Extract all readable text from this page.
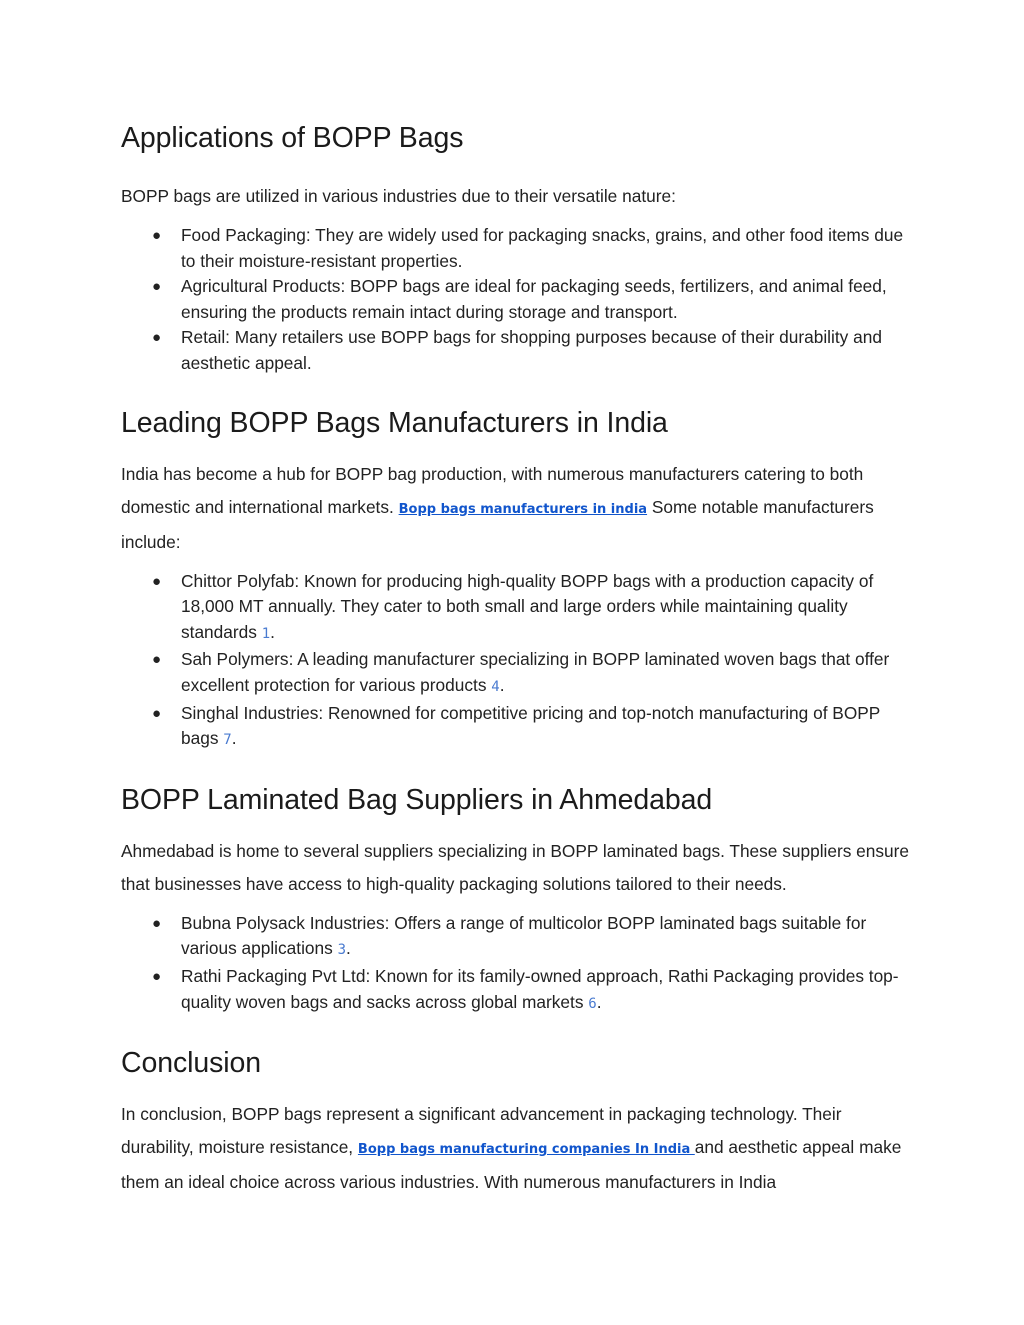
Applications of BOPP Bags

BOPP bags are utilized in various industries due to their versatile nature:

● Food Packaging: They are widely used for packaging snacks, grains, and other food items due to their moisture-resistant properties.
● Agricultural Products: BOPP bags are ideal for packaging seeds, fertilizers, and animal feed, ensuring the products remain intact during storage and transport.
● Retail: Many retailers use BOPP bags for shopping purposes because of their durability and aesthetic appeal.
Leading BOPP Bags Manufacturers in India

India has become a hub for BOPP bag production, with numerous manufacturers catering to both domestic and international markets. Bopp bags manufacturers in india Some notable manufacturers include:

● Chittor Polyfab: Known for producing high-quality BOPP bags with a production capacity of 18,000 MT annually. They cater to both small and large orders while maintaining quality standards 1.
● Sah Polymers: A leading manufacturer specializing in BOPP laminated woven bags that offer excellent protection for various products 4.
● Singhal Industries: Renowned for competitive pricing and top-notch manufacturing of BOPP bags 7.
BOPP Laminated Bag Suppliers in Ahmedabad

Ahmedabad is home to several suppliers specializing in BOPP laminated bags. These suppliers ensure that businesses have access to high-quality packaging solutions tailored to their needs.

● Bubna Polysack Industries: Offers a range of multicolor BOPP laminated bags suitable for various applications 3.
● Rathi Packaging Pvt Ltd: Known for its family-owned approach, Rathi Packaging provides top-quality woven bags and sacks across global markets 6.
Conclusion

In conclusion, BOPP bags represent a significant advancement in packaging technology. Their durability, moisture resistance, Bopp bags manufacturing companies In India and aesthetic appeal make them an ideal choice across various industries. With numerous manufacturers in India
